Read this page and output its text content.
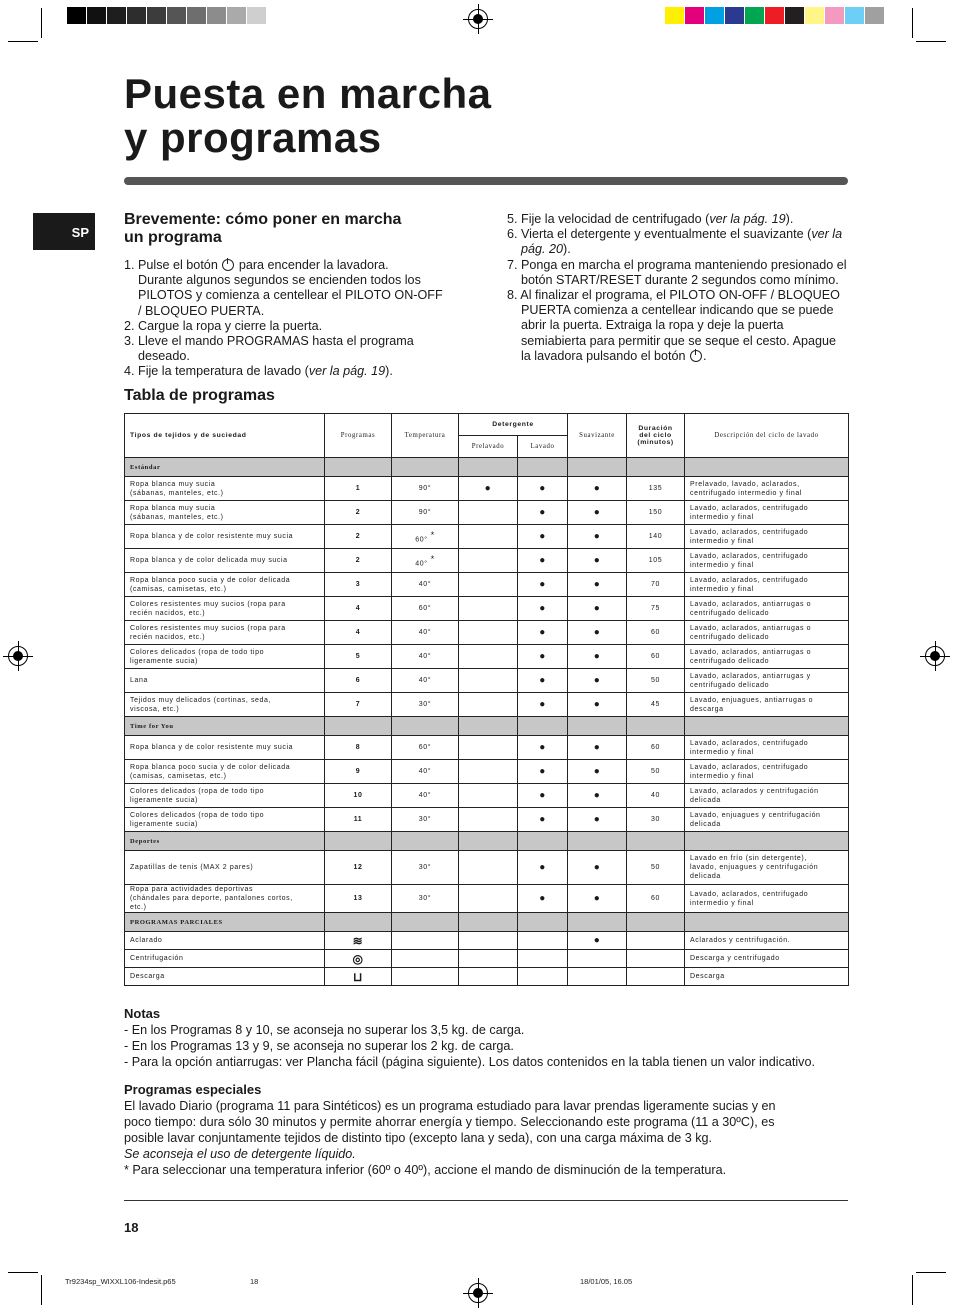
Puesta en marcha
y programas
SP
Brevemente: cómo poner en marcha
un programa
1. Pulse el botón  para encender la lavadora.
Durante algunos segundos se encienden todos los
PILOTOS y comienza a centellear el PILOTO ON-OFF
/ BLOQUEO PUERTA.
2. Cargue la ropa y cierre la puerta.
3. Lleve el mando PROGRAMAS hasta el programa
deseado.
4. Fije la temperatura de lavado (ver la pág. 19).
5. Fije la velocidad de centrifugado (ver la pág. 19).
6. Vierta el detergente y eventualmente el suavizante (ver la pág. 20).
7. Ponga en marcha el programa manteniendo presionado el botón START/RESET durante 2 segundos como mínimo.
8. Al finalizar el programa, el PILOTO ON-OFF / BLOQUEO PUERTA comienza a centellear indicando que se puede abrir la puerta. Extraiga la ropa y deje la puerta semiabierta para permitir que se seque el cesto. Apague la lavadora pulsando el botón .
Tabla de programas
Tipos de tejidos y de suciedad	Programas	Temperatura	Detergente		Suavizante	Duración
del ciclo
(minutos)	Descripción del ciclo de lavado
			Prelavado	Lavado			
Estándar							
Ropa blanca muy sucia
(sábanas, manteles, etc.)	1	90°	●	●	●	135	Prelavado, lavado, aclarados,
centrifugado intermedio y final
Ropa blanca muy sucia
(sábanas, manteles, etc.)	2	90°		●	●	150	Lavado, aclarados, centrifugado
intermedio y final
Ropa blanca y de color resistente muy sucia	2	60° *		●	●	140	Lavado, aclarados, centrifugado
intermedio y final
Ropa blanca y de color delicada muy sucia	2	40° *		●	●	105	Lavado, aclarados, centrifugado
intermedio y final
Ropa blanca poco sucia y de color delicada
(camisas, camisetas, etc.)	3	40°		●	●	70	Lavado, aclarados, centrifugado
intermedio y final
Colores resistentes muy sucios (ropa para
recién nacidos, etc.)	4	60°		●	●	75	Lavado, aclarados, antiarrugas o
centrifugado delicado
Colores resistentes muy sucios (ropa para
recién nacidos, etc.)	4	40°		●	●	60	Lavado, aclarados, antiarrugas o
centrifugado delicado
Colores delicados (ropa de todo tipo
ligeramente sucia)	5	40°		●	●	60	Lavado, aclarados, antiarrugas o
centrifugado delicado
Lana	6	40°		●	●	50	Lavado, aclarados, antiarrugas y
centrifugado delicado
Tejidos muy delicados (cortinas, seda,
viscosa, etc.)	7	30°		●	●	45	Lavado, enjuagues, antiarrugas o
descarga
Time for You							
Ropa blanca y de color resistente muy sucia	8	60°		●	●	60	Lavado, aclarados, centrifugado
intermedio y final
Ropa blanca poco sucia y de color delicada
(camisas, camisetas, etc.)	9	40°		●	●	50	Lavado, aclarados, centrifugado
intermedio y final
Colores delicados (ropa de todo tipo
ligeramente sucia)	10	40°		●	●	40	Lavado, aclarados y centrifugación
delicada
Colores delicados (ropa de todo tipo
ligeramente sucia)	11	30°		●	●	30	Lavado, enjuagues y centrifugación
delicada
Deportes							
Zapatillas de tenis (MAX 2 pares)	12	30°		●	●	50	Lavado en frío (sin detergente),
lavado, enjuagues y centrifugación
delicada
Ropa para actividades deportivas
(chándales para deporte, pantalones cortos,
etc.)	13	30°		●	●	60	Lavado, aclarados, centrifugado
intermedio y final
PROGRAMAS PARCIALES							
Aclarado	≋				●		Aclarados y centrifugación.
Centrifugación	◎						Descarga y centrifugado
Descarga	⊔						Descarga
Notas
- En los Programas 8 y 10, se aconseja no superar los 3,5 kg. de carga.
- En los Programas 13 y 9, se aconseja no superar los 2 kg. de carga.
- Para la opción antiarrugas: ver Plancha fácil (página siguiente). Los datos contenidos en la tabla tienen un valor indicativo.
Programas especiales
El lavado Diario (programa 11 para Sintéticos) es un programa estudiado para lavar prendas ligeramente sucias y en
poco tiempo: dura sólo 30 minutos y permite ahorrar energía y tiempo. Seleccionando este programa (11 a 30ºC), es
posible lavar conjuntamente tejidos de distinto tipo (excepto lana y seda), con una carga máxima de 3 kg.
Se aconseja el uso de detergente líquido.
* Para seleccionar una temperatura inferior (60º o 40º), accione el mando de disminución de la temperatura.
18
Tr9234sp_WIXXL106-Indesit.p65	18	18/01/05, 16.05
